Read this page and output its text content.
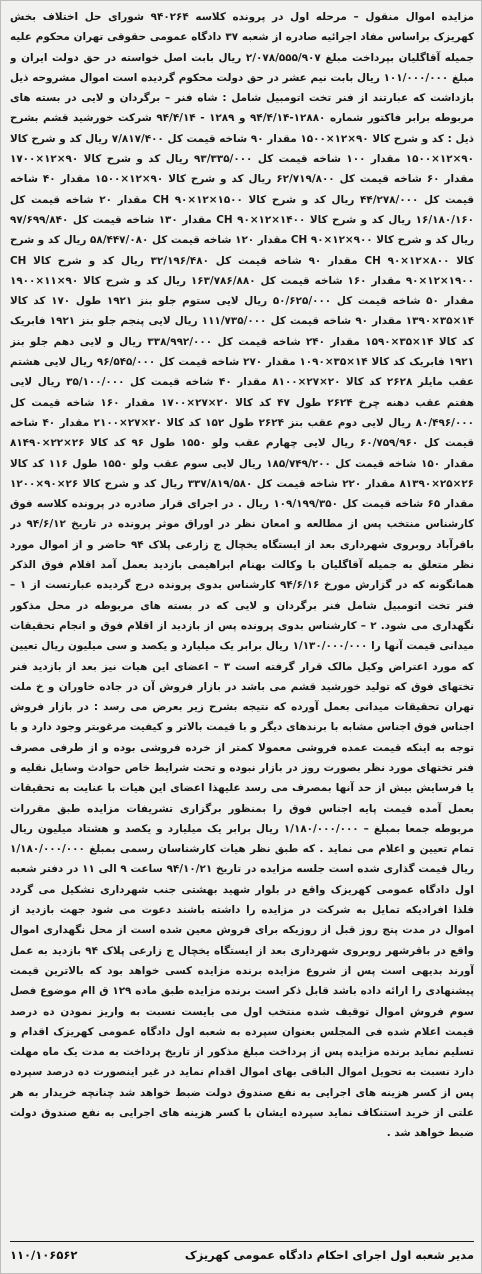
مزایده اموال منقول – مرحله اول در پرونده کلاسه ۹۴۰۲۶۴ شورای حل اختلاف بخش کهریزک براساس مفاد اجرائیه صادره از شعبه ۳۷ دادگاه عمومی حقوقی تهران محکوم علیه جمیله آقاگلیان بپرداخت مبلغ ۲/۰۷۸/۵۵۵/۹۰۷ ریال بابت اصل خواسته در حق دولت ایران و مبلغ ۱۰۱/۰۰۰/۰۰۰ ریال بابت نیم عشر در حق دولت محکوم گردیده است اموال مشروحه ذیل بازداشت که عبارتند از فنر تخت اتومبیل شامل : شاه فنر – برگردان و لایی در بسته های مربوطه برابر فاکتور شماره ۱۲۸۸۰-۹۴/۴/۱۴ و ۱۲۸۹ - ۹۴/۴/۱۴ شرکت خورشید قشم بشرح ذیل : کد و شرح کالا ۹۰×۱۲×۱۵۰۰ مقدار ۹۰ شاخه قیمت کل ۷/۸۱۷/۴۰۰ ریال کد و شرح کالا ۹۰×۱۲×۱۵۰۰ مقدار ۱۰۰ شاخه قیمت کل ۹۳/۳۳۵/۰۰۰ ریال کد و شرح کالا ۹۰×۱۲×۱۷۰۰ مقدار ۶۰ شاخه قیمت کل ۶۲/۷۱۹/۸۰۰ ریال کد و شرح کالا ۹۰×۱۲×۱۵۰۰ مقدار ۴۰ شاخه قیمت کل ۴۴/۲۷۸/۰۰۰ ریال کد و شرح کالا CH ۹۰×۱۲×۱۵۰۰ مقدار ۲۰ شاخه قیمت کل ۱۶/۱۸۰/۱۶۰ ریال کد و شرح کالا CH ۹۰×۱۲×۱۴۰۰ مقدار ۱۳۰ شاخه قیمت کل ۹۷/۶۹۹/۸۴۰ ریال کد و شرح کالا CH ۹۰×۱۲×۹۰۰ مقدار ۱۲۰ شاخه قیمت کل ۵۸/۴۴۷/۰۸۰ ریال کد و شرح کالا CH ۹۰×۱۲×۸۰۰ مقدار ۹۰ شاخه قیمت کل ۳۲/۱۹۶/۴۸۰ ریال کد و شرح کالا CH ۹۰×۱۲×۱۹۰۰ مقدار ۱۶۰ شاخه قیمت کل ۱۶۳/۷۸۶/۸۸۰ ریال کد و شرح کالا ۹۰×۱۱×۱۹۰۰ مقدار ۵۰ شاخه قیمت کل ۵۰/۶۲۵/۰۰۰ ریال لایی ستوم جلو بنز ۱۹۲۱ طول ۱۷۰ کد کالا ۱۴×۳۵×۱۳۹۰ مقدار ۹۰ شاخه قیمت کل ۱۱۱/۷۳۵/۰۰۰ ریال لایی پنجم جلو بنز ۱۹۲۱ فابریک کد کالا ۱۴×۳۵×۱۵۹۰ مقدار ۲۴۰ شاخه قیمت کل ۳۳۸/۹۹۲/۰۰۰ ریال و لایی دهم جلو بنز ۱۹۲۱ فابریک کد کالا ۱۴×۳۵×۱۰۹۰ مقدار ۲۷۰ شاخه قیمت کل ۹۶/۵۴۵/۰۰۰ ریال لایی هشتم عقب مایلر ۲۶۲۸ کد کالا ۲۰×۲۷×۸۱۰۰ مقدار ۴۰ شاخه قیمت کل ۳۵/۱۰۰/۰۰۰ ریال لایی هفتم عقب دهنه چرخ ۲۶۲۴ طول ۴۷ کد کالا ۲۰×۲۷×۱۷۰۰ مقدار ۱۶۰ شاخه قیمت کل ۸۰/۴۹۶/۰۰۰ ریال لایی دوم عقب بنز ۲۶۲۴ طول ۱۵۲ کد کالا ۲۰×۲۷×۲۱۰۰ مقدار ۴۰ شاخه قیمت کل ۶۰/۷۵۹/۹۶۰ ریال لایی چهارم عقب ولو ۱۵۵۰ طول ۹۶ کد کالا ۲۶×۲۲×۸۱۴۹۰ مقدار ۱۵۰ شاخه قیمت کل ۱۸۵/۷۴۹/۲۰۰ ریال لایی سوم عقب ولو ۱۵۵۰ طول ۱۱۶ کد کالا ۲۶×۲۵×۸۱۳۹۰ مقدار ۲۲۰ شاخه قیمت کل ۳۳۷/۸۱۹/۵۸۰ ریال کد و شرح کالا ۲۶×۹۰×۱۲۰۰ مقدار ۶۵ شاخه قیمت کل ۱۰۹/۱۹۹/۳۵۰ ریال . در اجرای قرار صادره در پرونده کلاسه فوق کارشناس منتخب پس از مطالعه و امعان نظر در اوراق موثر پرونده در تاریخ ۹۴/۶/۱۲ در باقرآباد روبروی شهرداری بعد از ایستگاه یخچال ج زارعی پلاک ۹۴ حاضر و از اموال مورد نظر متعلق به جمیله آقاگلیان با وکالت بهنام ابراهیمی بازدید بعمل آمد اقلام فوق الذکر همانگونه که در گزارش مورخ ۹۴/۶/۱۶ کارشناس بدوی پرونده درج گردیده عبارتست از ۱ – فنر تخت اتومبیل شامل فنر برگردان و لایی که در بسته های مربوطه در محل مذکور نگهداری می شود. ۲ – کارشناس بدوی پرونده پس از بازدید از اقلام فوق و انجام تحقیقات میدانی قیمت آنها را ۱/۱۳۰/۰۰۰/۰۰۰ ریال برابر یک میلیارد و یکصد و سی میلیون ریال تعیین که مورد اعتراض وکیل مالک قرار گرفته است ۳ – اعضای این هیات نیز بعد از بازدید فنر تختهای فوق که تولید خورشید قشم می باشد در بازار فروش آن در جاده خاوران و خ ملت تهران تحقیقات میدانی بعمل آورده که نتیجه بشرح زیر بعرض می رسد : در بازار فروش اجناس فوق اجناس مشابه با برندهای دیگر و با قیمت بالاتر و کیفیت مرغوبتر وجود دارد و با توجه به اینکه قیمت عمده فروشی معمولا کمتر از خرده فروشی بوده و از طرفی مصرف فنر تختهای مورد نظر بصورت روز در بازار نبوده و تحت شرایط خاص حوادث وسایل نقلیه و یا فرسایش بیش از حد آنها بمصرف می رسد علیهذا اعضای این هیات با عنایت به تحقیقات بعمل آمده قیمت پایه اجناس فوق را بمنظور برگزاری تشریفات مزایده طبق مقررات مربوطه جمعا بمبلغ – ۱/۱۸۰/۰۰۰/۰۰۰ ریال برابر یک میلیارد و یکصد و هشتاد میلیون ریال تمام تعیین و اعلام می نماید . که طبق نظر هیات کارشناسان رسمی بمبلغ ۱/۱۸۰/۰۰۰/۰۰۰ ریال قیمت گذاری شده است جلسه مزایده در تاریخ ۹۴/۱۰/۲۱ ساعت ۹ الی ۱۱ در دفتر شعبه اول دادگاه عمومی کهریزک واقع در بلوار شهید بهشتی جنب شهرداری تشکیل می گردد فلذا افرادیکه تمایل به شرکت در مزایده را داشته باشند دعوت می شود جهت بازدید از اموال در مدت پنج روز قبل از روزیکه برای فروش معین شده است از محل نگهداری اموال واقع در باقرشهر روبروی شهرداری بعد از ایستگاه یخچال ج زارعی پلاک ۹۴ بازدید به عمل آورند بدیهی است پس از شروع مزایده برنده مزایده کسی خواهد بود که بالاترین قیمت پیشنهادی را ارائه داده باشد قابل ذکر است برنده مزایده طبق ماده ۱۲۹ ق اام موضوع فصل سوم فروش اموال توقیف شده منتخب اول می بایست نسبت به واریز نمودن ده درصد قیمت اعلام شده فی المجلس بعنوان سپرده به شعبه اول دادگاه عمومی کهریزک اقدام و تسلیم نماید برنده مزایده پس از پرداخت مبلغ مذکور از تاریخ پرداخت به مدت یک ماه مهلت دارد نسبت به تحویل اموال الباقی بهای اموال اقدام نماید در غیر اینصورت ده درصد سپرده پس از کسر هزینه های اجرایی به نفع صندوق دولت ضبط خواهد شد چنانچه خریدار به هر علتی از خرید استنکاف نماید سپرده ایشان با کسر هزینه های اجرایی به نفع صندوق دولت ضبط خواهد شد .

مدیر شعبه اول اجرای احکام دادگاه عمومی کهریزک
۱۱۰/۱۰۶۵۶۲
